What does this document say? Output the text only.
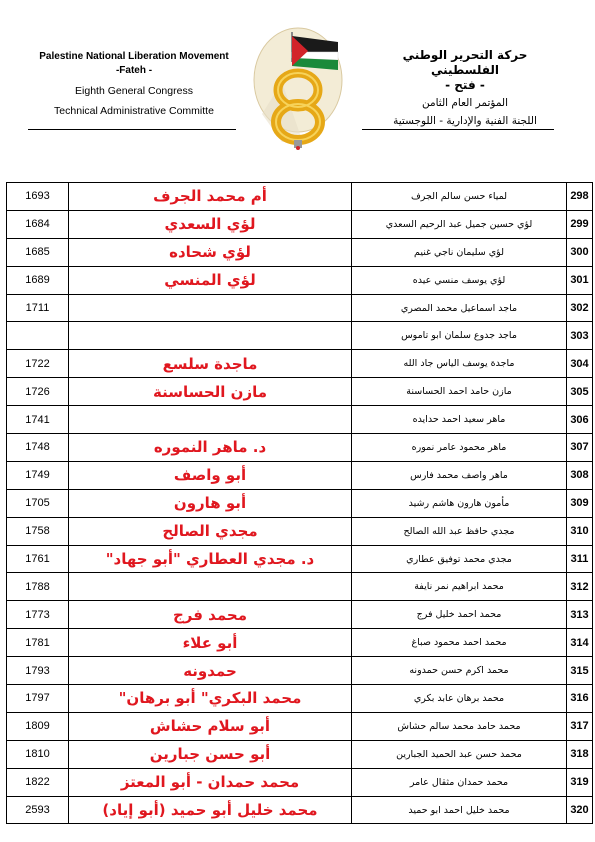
Palestine National Liberation Movement
-Fateh -
Eighth General Congress
Technical Administrative Committe
حركة التحرير الوطني الفلسطيني
- فتح -
المؤتمر العام الثامن
اللجنة الفنية والإدارية - اللوجستية
1693	أم محمد الجرف	لمياء حسن سالم الجرف	298
1684	لؤي السعدي	لؤي حسين جميل عبد الرحيم السعدي	299
1685	لؤي شحاده	لؤي سليمان ناجي غنيم	300
1689	لؤي المنسي	لؤي يوسف منسي عيده	301
1711		ماجد اسماعيل محمد المصري	302
		ماجد جدوع سلمان ابو تاموس	303
1722	ماجدة سلسع	ماجدة يوسف الياس جاد الله	304
1726	مازن الحساسنة	مازن حامد احمد الحساسنة	305
1741		ماهر سعيد احمد حدايده	306
1748	د. ماهر النموره	ماهر محمود عامر نموره	307
1749	أبو واصف	ماهر واصف محمد فارس	308
1705	أبو هارون	مأمون هارون هاشم رشيد	309
1758	مجدي الصالح	مجدي حافظ عبد الله الصالح	310
1761	د. مجدي العطاري "أبو جهاد"	مجدي محمد توفيق عطاري	311
1788		محمد ابراهيم نمر نايفة	312
1773	محمد فرج	محمد احمد خليل فرج	313
1781	أبو علاء	محمد احمد محمود صباغ	314
1793	حمدونه	محمد اكرم حسن حمدونه	315
1797	محمد البكري" أبو برهان"	محمد برهان عابد بكري	316
1809	أبو سلام حشاش	محمد حامد محمد سالم حشاش	317
1810	أبو حسن جبارين	محمد حسن عبد الحميد الجبارين	318
1822	محمد حمدان - أبو المعتز	محمد حمدان مثقال عامر	319
2593	محمد خليل أبو حميد (أبو إياد)	محمد خليل احمد ابو حميد	320
